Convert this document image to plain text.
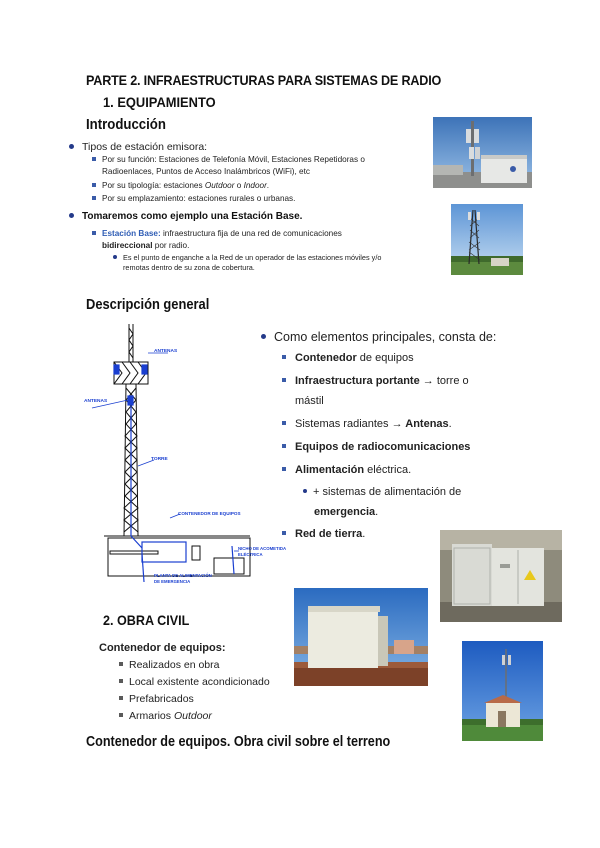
PARTE 2. INFRAESTRUCTURAS PARA SISTEMAS DE RADIO
1. EQUIPAMIENTO
Introducción
Tipos de estación emisora:
Por su función: Estaciones de Telefonía Móvil, Estaciones Repetidoras o
Radioenlaces, Puntos de Acceso Inalámbricos (WiFi), etc
Por su tipología: estaciones Outdoor o Indoor.
Por su emplazamiento: estaciones rurales o urbanas.
Tomaremos como ejemplo una Estación Base.
Estación Base: infraestructura fija de una red de comunicaciones
bidireccional por radio.
Es el punto de enganche a la Red de un operador de las estaciones móviles y/o
remotas dentro de su zona de cobertura.
Descripción general
ANTENAS
ANTENAS
TORRE
CONTENEDOR DE EQUIPOS
NICHO DE ACOMETIDA
ELÉCTRICA
PLANTA DE ALIMENTACIÓN
DE EMERGENCIA
Como elementos principales, consta de:
Contenedor de equipos
Infraestructura portante → torre o
mástil
Sistemas radiantes → Antenas.
Equipos de radiocomunicaciones
Alimentación eléctrica.
+ sistemas de alimentación de
emergencia.
Red de tierra.
2. OBRA CIVIL
Contenedor de equipos:
Realizados en obra
Local existente acondicionado
Prefabricados
Armarios Outdoor
Contenedor de equipos. Obra civil sobre el terreno
